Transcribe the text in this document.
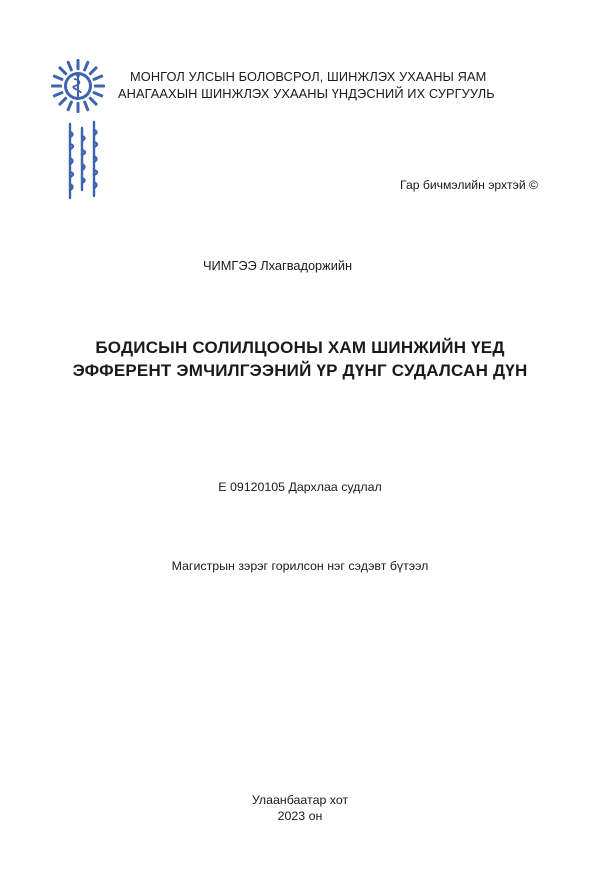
МОНГОЛ УЛСЫН БОЛОВСРОЛ, ШИНЖЛЭХ УХААНЫ ЯАМ
АНАГААХЫН ШИНЖЛЭХ УХААНЫ ҮНДЭСНИЙ ИХ СУРГУУЛЬ
Гар бичмэлийн эрхтэй ©
ЧИМГЭЭ Лхагвадоржийн
БОДИСЫН СОЛИЛЦООНЫ ХАМ ШИНЖИЙН ҮЕД
ЭФФЕРЕНТ ЭМЧИЛГЭЭНИЙ ҮР ДҮНГ СУДАЛСАН ДҮН
Е 09120105 Дархлаа судлал
Магистрын зэрэг горилсон нэг сэдэвт бүтээл
Улаанбаатар хот
2023 он
